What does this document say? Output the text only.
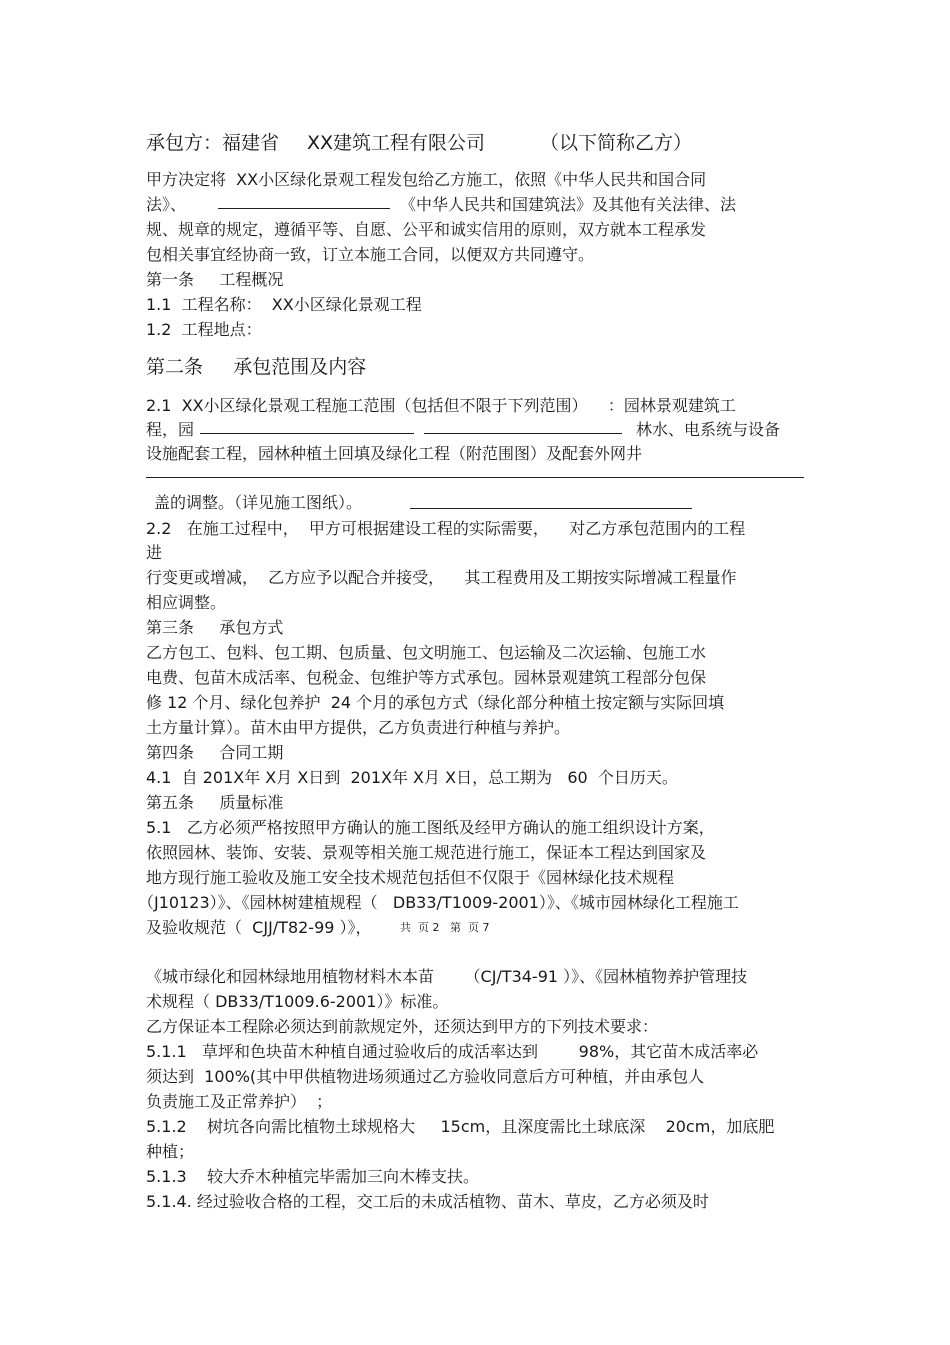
承包方：福建省 XX建筑工程有限公司	（以下简称乙方）
甲方决定将  XX小区绿化景观工程发包给乙方施工，依照《中华人民共和国合同
法》、	《中华人民共和国建筑法》及其他有关法律、法
规、规章的规定，遵循平等、自愿、公平和诚实信用的原则，双方就本工程承发
包相关事宜经协商一致，订立本施工合同，以便双方共同遵守。
第一条     工程概况
1.1  工程名称：  XX小区绿化景观工程
1.2  工程地点：
第二条     承包范围及内容
2.1  XX小区绿化景观工程施工范围（包括但不限于下列范围）    ：园林景观建筑工
程，园	林水、电系统与设备
设施配套工程，园林种植土回填及绿化工程（附范围图）及配套外网井
盖的调整。（详见施工图纸）。
2.2   在施工过程中，  甲方可根据建设工程的实际需要，    对乙方承包范围内的工程
进
行变更或增减，  乙方应予以配合并接受，    其工程费用及工期按实际增减工程量作
相应调整。
第三条     承包方式
乙方包工、包料、包工期、包质量、包文明施工、包运输及二次运输、包施工水
电费、包苗木成活率、包税金、包维护等方式承包。园林景观建筑工程部分包保
修 12 个月、绿化包养护  24 个月的承包方式（绿化部分种植土按定额与实际回填
土方量计算）。苗木由甲方提供，乙方负责进行种植与养护。
第四条     合同工期
4.1  自 201X年 X月 X日到  201X年 X月 X日，总工期为   60  个日历天。
第五条     质量标准
5.1   乙方必须严格按照甲方确认的施工图纸及经甲方确认的施工组织设计方案，
依照园林、装饰、安装、景观等相关施工规范进行施工，保证本工程达到国家及
地方现行施工验收及施工安全技术规范包括但不仅限于《园林绿化技术规程
（J10123）》、《园林树建植规程（   DB33/T1009-2001）》、《城市园林绿化工程施工
及验收规范（  CJJ/T82-99 ）》，	共  页 2   第  页 7
《城市绿化和园林绿地用植物材料木本苗      （CJ/T34-91 ）》、《园林植物养护管理技
术规程（ DB33/T1009.6-2001）》标准。
乙方保证本工程除必须达到前款规定外，还须达到甲方的下列技术要求：
5.1.1   草坪和色块苗木种植自通过验收后的成活率达到        98%，其它苗木成活率必
须达到  100%(其中甲供植物进场须通过乙方验收同意后方可种植，并由承包人
负责施工及正常养护）  ；
5.1.2    树坑各向需比植物土球规格大     15cm，且深度需比土球底深    20cm，加底肥
种植；
5.1.3    较大乔木种植完毕需加三向木棒支扶。
5.1.4. 经过验收合格的工程，交工后的未成活植物、苗木、草皮，乙方必须及时
